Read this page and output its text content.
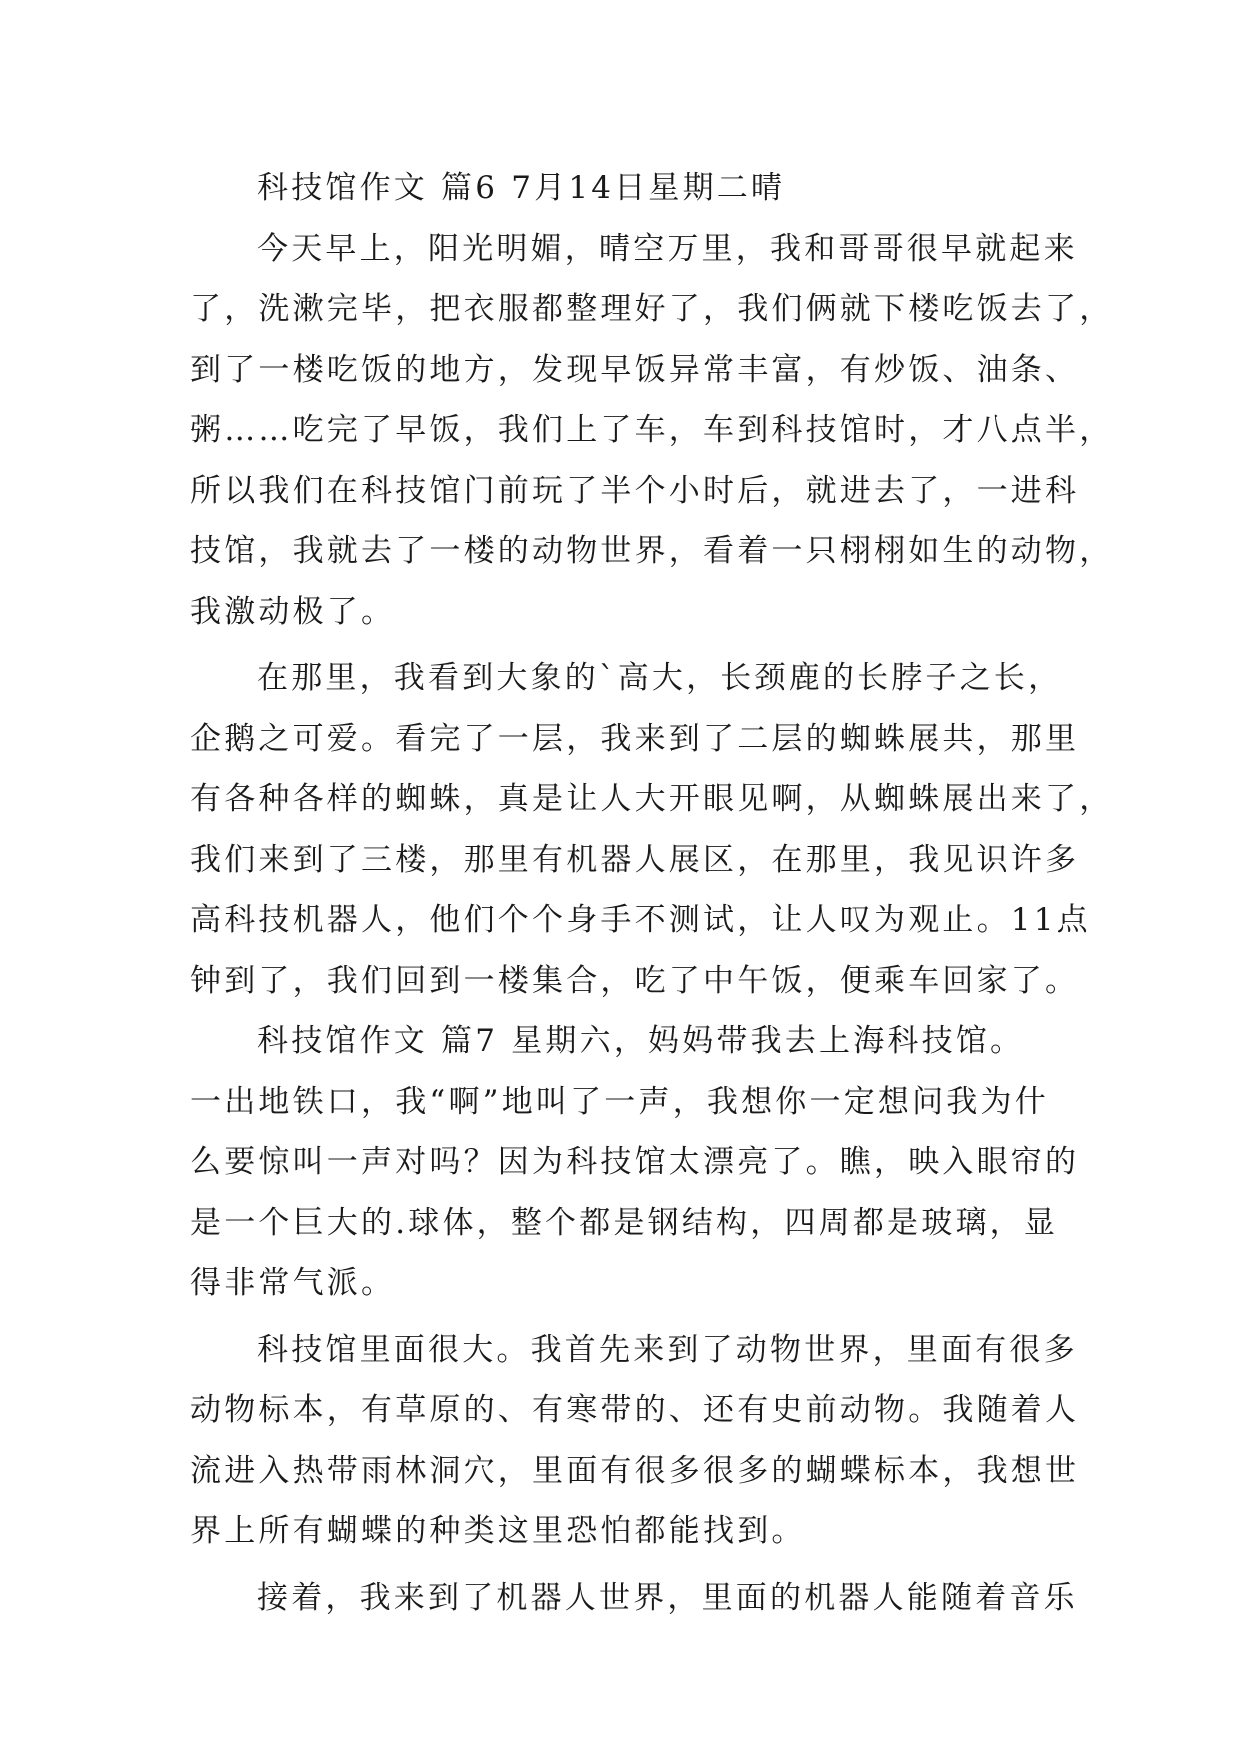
科技馆作文 篇6 7月14日星期二晴
今天早上，阳光明媚，晴空万里，我和哥哥很早就起来
了，洗漱完毕，把衣服都整理好了，我们俩就下楼吃饭去了，
到了一楼吃饭的地方，发现早饭异常丰富，有炒饭、油条、
粥……吃完了早饭，我们上了车，车到科技馆时，才八点半，
所以我们在科技馆门前玩了半个小时后，就进去了，一进科
技馆，我就去了一楼的动物世界，看着一只栩栩如生的动物，
我激动极了。
在那里，我看到大象的`高大，长颈鹿的长脖子之长，
企鹅之可爱。看完了一层，我来到了二层的蜘蛛展共，那里
有各种各样的蜘蛛，真是让人大开眼见啊，从蜘蛛展出来了，
我们来到了三楼，那里有机器人展区，在那里，我见识许多
高科技机器人，他们个个身手不测试，让人叹为观止。11点
钟到了，我们回到一楼集合，吃了中午饭，便乘车回家了。
科技馆作文 篇7 星期六，妈妈带我去上海科技馆。
一出地铁口，我“啊”地叫了一声，我想你一定想问我为什
么要惊叫一声对吗？因为科技馆太漂亮了。瞧，映入眼帘的
是一个巨大的.球体，整个都是钢结构，四周都是玻璃，显
得非常气派。
科技馆里面很大。我首先来到了动物世界，里面有很多
动物标本，有草原的、有寒带的、还有史前动物。我随着人
流进入热带雨林洞穴，里面有很多很多的蝴蝶标本，我想世
界上所有蝴蝶的种类这里恐怕都能找到。
接着，我来到了机器人世界，里面的机器人能随着音乐
